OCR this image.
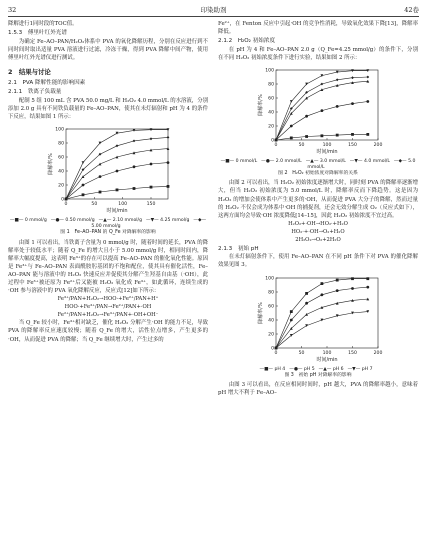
32	印染助剂	42卷

降解进行1同时段的TOC值。

1.5.3　傅里叶红外光谱

为确定 Fe–AO–PAN/H₂O₂体系中 PVA 的氧化降解历程，分别在反应进行到不同时间时取出适量 PVA 溶液进行过滤，冷冻干燥，得到 PVA 降解中间产物，使用傅里叶红外光谱仪进行测试。

2　结果与讨论
2.1　PVA 降解性能的影响因素
2.1.1　铁离子负载量

配制 5 组 100 mL 含 PVA 50.0 mg/L 和 H₂O₂ 4.0 mmol/L 的水溶液，分别添加 2.0 g 具有不同铁负载量的 Fe–AO–PAN，使其在未灯辐射和 pH 为 4 的条件下反应，结果如图 1 所示：

0
20
40
60
80
100
0	50	100	150
时间/min
降解率/%
—■— 0 mmol/g —●— 0.50 mmol/g —▲— 2.10 mmol/g —▼— 4.25 mmol/g —◆— 5.00 mmol/g
图 1　Fe–AO–PAN 的 Q_Fe 对降解率的影响

由图 1 可以看出，当铁离子含量为 0 mmol/g 时，随着时间的延长，PVA 的降解率处于较低水平；随着 Q_Fe 的增大且小于 5.00 mmol/g 时，相同时间内，降解率大幅度提高，这表明 Fe³⁺的存在可以提高 Fe–AO–PAN 的催化氧化性能。原因是 Fe³⁺与 Fe–AO–PAN 表面酰胺肟基团的不饱和配位，使其具有催化活性，Fe–AO–PAN 能与溶液中的 H₂O₂ 快速反应并促使其分解产生羟基自由基（·OH），此过程中 Fe³⁺被还原为 Fe²⁺后又能被 H₂O₂ 氧化成 Fe³⁺，如此循环，连续生成的·OH 参与溶液中的 PVA 氧化降解反应，反应式[12]如下所示：

Fe³⁺/PAN+H₂O₂→HOO·+Fe²⁺/PAN+H⁺
HOO·+Fe³⁺/PAN→Fe²⁺/PAN+·OH
Fe²⁺/PAN+H₂O₂→Fe³⁺/PAN+·OH+OH⁻

当 Q_Fe 较小时，Fe³⁺相对缺乏，催化 H₂O₂ 分解产生·OH 的能力不足，导致 PVA 的降解率反应速度较慢；随着 Q_Fe 的增大，活性位点增多，产生更多的·OH，从而促进 PVA 的降解；当 Q_Fe 继续增大时，产生过多的

Fe²⁺，在 Fenton 反应中引起·OH 的竞争性消耗，导致氧化效果下降[13]，降解率降低。

2.1.2　H₂O₂ 初始浓度

在 pH 为 4 和 Fe–AO–PAN 2.0 g（Q_Fe=4.25 mmol/g）的条件下，分别在不同 H₂O₂ 初始浓度条件下进行实验，结果如图 2 所示：

0
20
40
60
80
100
0	50	100	150	200
时间/min
降解率/%
—■— 0 mmol/L —●— 2.0 mmol/L —▲— 3.0 mmol/L —▼— 4.0 mmol/L —◆— 5.0 mmol/L
图 2　H₂O₂ 初始浓度对降解率的关系

由图 2 可以看出，当 H₂O₂ 初始浓度逐渐增大时，同时刻 PVA 的降解率逐渐增大，但当 H₂O₂ 初始浓度为 5.0 mmol/L 时，降解率反而下降趋势。这是因为 H₂O₂ 的增加会使体系中产生更多的·OH，从而促进 PVA 大分子的降解，然而过量的 H₂O₂ 不仅会成为体系中·OH 的捕捉剂，还会无效分解生成 O₂（反应式如下），这两方面均会导致·OH 浓度降低[14–15]，因此 H₂O₂ 初始浓度不宜过高。

H₂O₂+·OH→HO₂·+H₂O
HO₂·+·OH→O₂+H₂O
2H₂O₂→O₂+2H₂O
2.1.3　初始 pH

在未灯辐射条件下，使用 Fe–AO–PAN 在不同 pH 条件下对 PVA 的催化降解效果见图 3。

0
20
40
60
80
100
0	50	100	150	200
时间/min
降解率/%
—■— pH 4 —●— pH 5 —▲— pH 6 —▼— pH 7
图 3　初始 pH 对降解率的影响

由图 3 可以看出，在反应相同时间时，pH 越大，PVA 的降解率越小，意味着 pH 增大不利于 Fe–AO–
